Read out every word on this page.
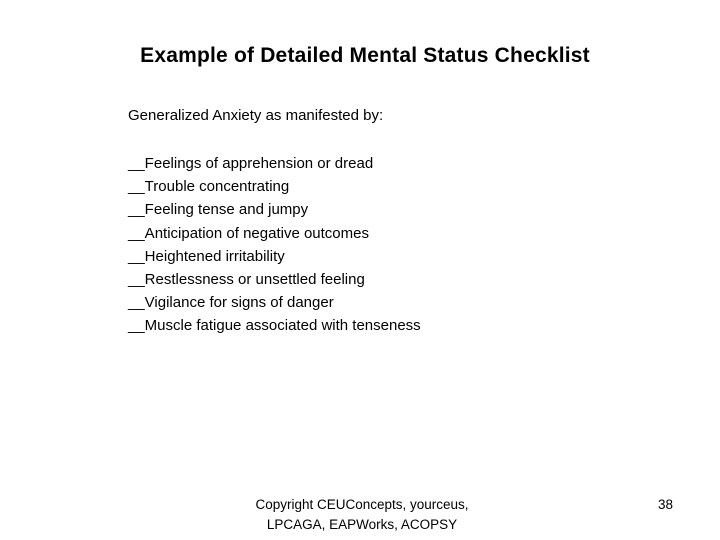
Example of Detailed Mental Status Checklist
Generalized Anxiety as manifested by:
__Feelings of apprehension or dread
__Trouble concentrating
__Feeling tense and jumpy
__Anticipation of negative outcomes
__Heightened irritability
__Restlessness or unsettled feeling
__Vigilance for signs of danger
__Muscle fatigue associated with tenseness
Copyright CEUConcepts, yourceus, LPCAGA, EAPWorks, ACOPSY
38
